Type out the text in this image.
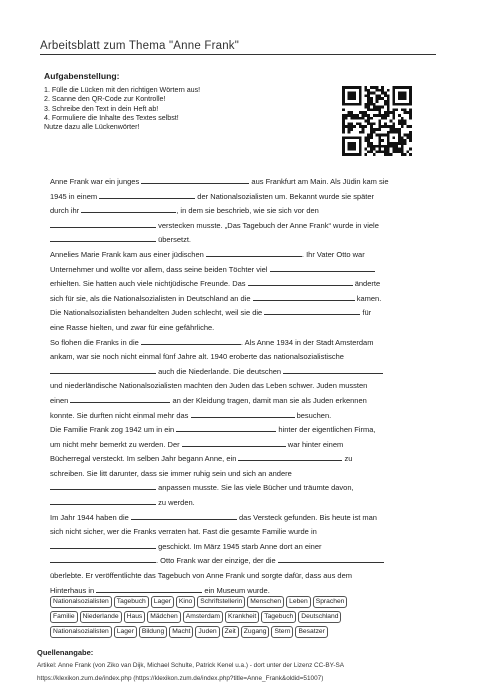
Arbeitsblatt zum Thema "Anne Frank"
Aufgabenstellung:
1. Fülle die Lücken mit den richtigen Wörtern aus!
2. Scanne den QR-Code zur Kontrolle!
3. Schreibe den Text in dein Heft ab!
4. Formuliere die Inhalte des Textes selbst!
Nutze dazu alle Lückenwörter!
Anne Frank war ein junges	aus Frankfurt am Main. Als Jüdin kam sie
1945 in einem	der Nationalsozialisten um. Bekannt wurde sie später
durch ihr	, in dem sie beschrieb, wie sie sich vor den
verstecken musste. „Das Tagebuch der Anne Frank“ wurde in viele
übersetzt.
Annelies Marie Frank kam aus einer jüdischen	. Ihr Vater Otto war
Unternehmer und wollte vor allem, dass seine beiden Töchter viel
erhielten. Sie hatten auch viele nichtjüdische Freunde. Das	änderte
sich für sie, als die Nationalsozialisten in Deutschland an die	kamen.
Die Nationalsozialisten behandelten Juden schlecht, weil sie die	für
eine Rasse hielten, und zwar für eine gefährliche.
So flohen die Franks in die	. Als Anne 1934 in der Stadt Amsterdam
ankam, war sie noch nicht einmal fünf Jahre alt. 1940 eroberte das nationalsozialistische
auch die Niederlande. Die deutschen
und niederländische Nationalsozialisten machten den Juden das Leben schwer. Juden mussten
einen	an der Kleidung tragen, damit man sie als Juden erkennen
konnte. Sie durften nicht einmal mehr das	besuchen.
Die Familie Frank zog 1942 um in ein	hinter der eigentlichen Firma,
um nicht mehr bemerkt zu werden. Der	war hinter einem
Bücherregal versteckt. Im selben Jahr begann Anne, ein	zu
schreiben. Sie litt darunter, dass sie immer ruhig sein und sich an andere
anpassen musste. Sie las viele Bücher und träumte davon,
zu werden.
Im Jahr 1944 haben die	das Versteck gefunden. Bis heute ist man
sich nicht sicher, wer die Franks verraten hat. Fast die gesamte Familie wurde in
geschickt. Im März 1945 starb Anne dort an einer
. Otto Frank war der einzige, der die
überlebte. Er veröffentlichte das Tagebuch von Anne Frank und sorgte dafür, dass aus dem
Hinterhaus in	ein Museum wurde.
Nationalsozialisten	Tagebuch	Lager	Kino	Schriftstellerin	Menschen	Leben	Sprachen
Familie	Niederlande	Haus	Mädchen	Amsterdam	Krankheit	Tagebuch	Deutschland
Nationalsozialisten	Lager	Bildung	Macht	Juden	Zeit	Zugang	Stern	Besatzer
Quellenangabe:
Artikel: Anne Frank (von Ziko van Dijk, Michael Schulte, Patrick Kenel u.a.) - dort unter der Lizenz CC-BY-SA
https://klexikon.zum.de/index.php (https://klexikon.zum.de/index.php?title=Anne_Frank&oldid=51007)
